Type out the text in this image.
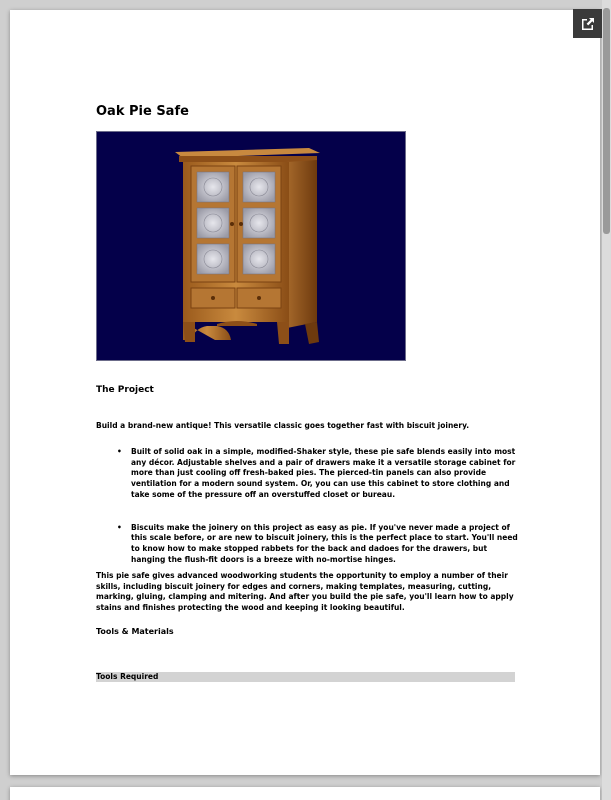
Oak Pie Safe
The Project

Build a brand-new antique! This versatile classic goes together fast with biscuit joinery.

• Built of solid oak in a simple, modified-Shaker style, these pie safe blends easily into most any décor. Adjustable shelves and a pair of drawers make it a versatile storage cabinet for more than just cooling off fresh-baked pies. The pierced-tin panels can also provide ventilation for a modern sound system. Or, you can use this cabinet to store clothing and take some of the pressure off an overstuffed closet or bureau.
• Biscuits make the joinery on this project as easy as pie. If you've never made a project of this scale before, or are new to biscuit joinery, this is the perfect place to start. You'll need to know how to make stopped rabbets for the back and dadoes for the drawers, but hanging the flush-fit doors is a breeze with no-mortise hinges.

This pie safe gives advanced woodworking students the opportunity to employ a number of their skills, including biscuit joinery for edges and corners, making templates, measuring, cutting, marking, gluing, clamping and mitering. And after you build the pie safe, you'll learn how to apply stains and finishes protecting the wood and keeping it looking beautiful.

Tools & Materials
Tools Required
